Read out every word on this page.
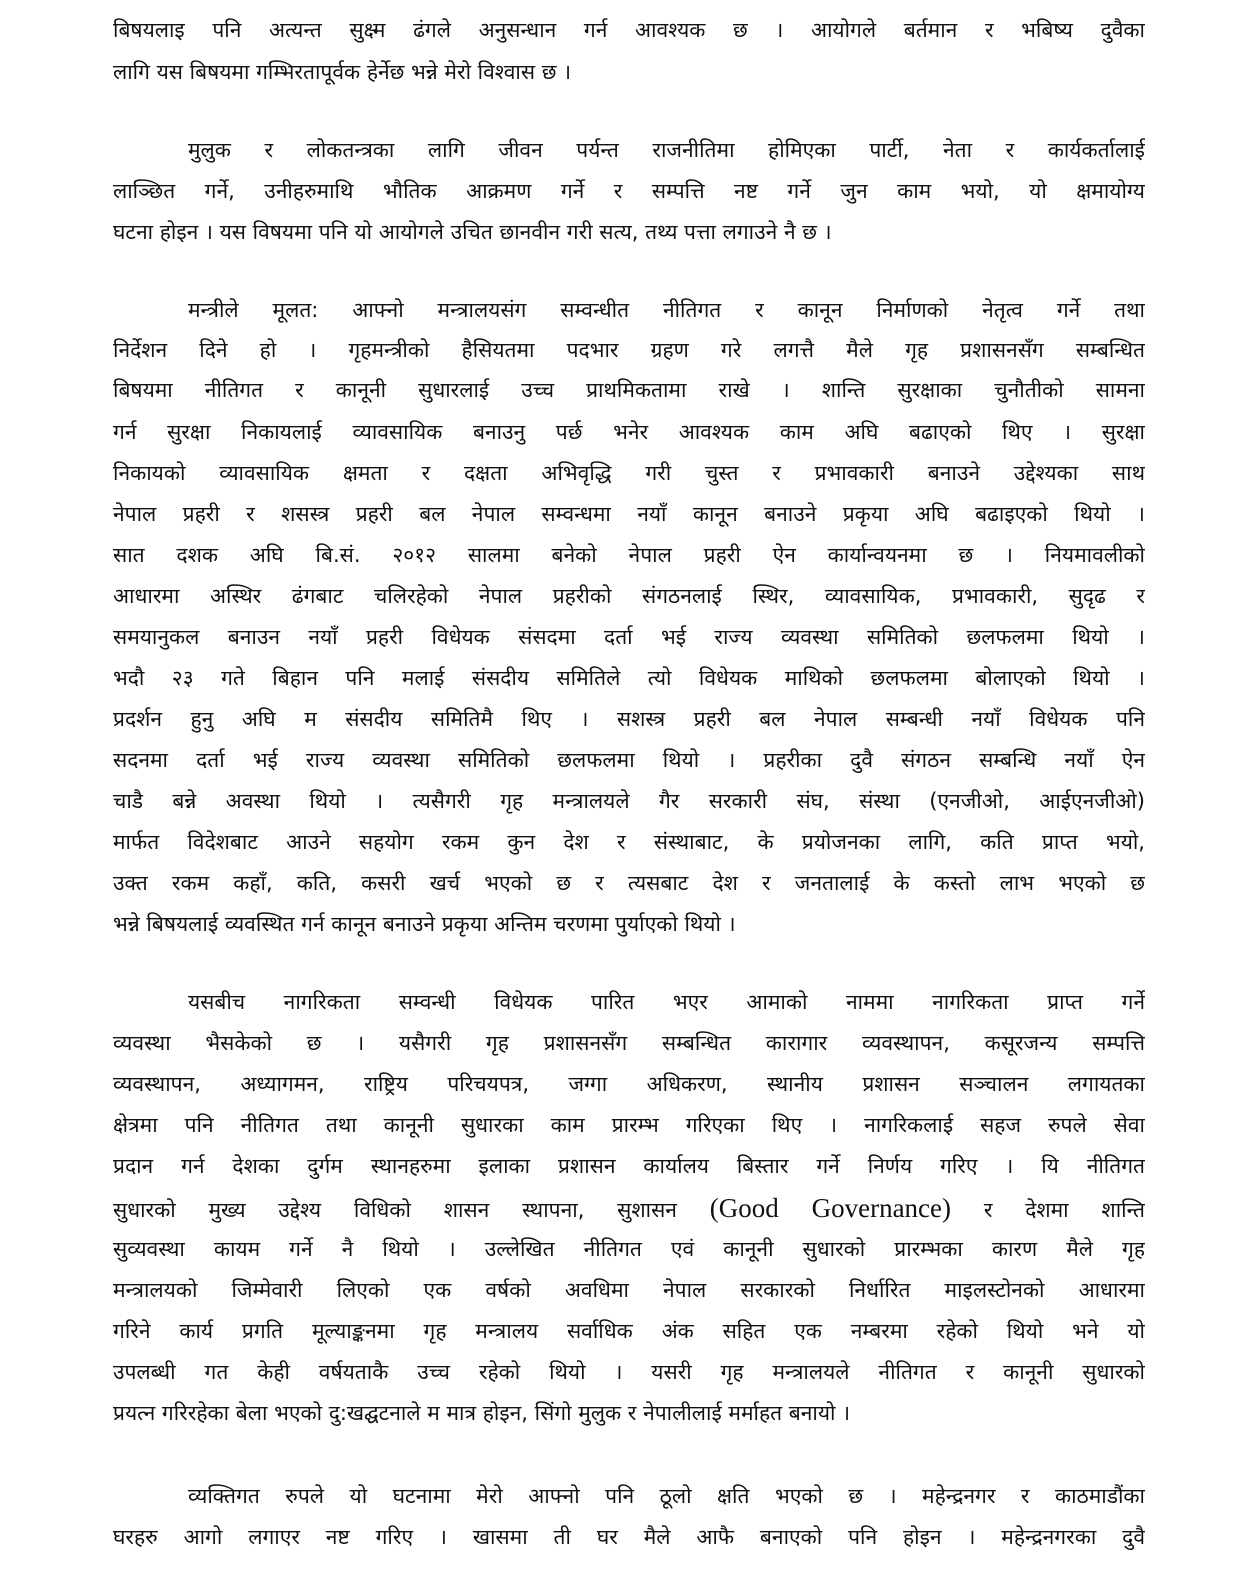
बिषयलाइ पनि अत्यन्त सुक्ष्म ढंगले अनुसन्धान गर्न आवश्यक छ । आयोगले बर्तमान र भबिष्य दुवैका
लागि यस बिषयमा गम्भिरतापूर्वक हेर्नेछ भन्ने मेरो विश्वास छ ।
मुलुक र लोकतन्त्रका लागि जीवन पर्यन्त राजनीतिमा होमिएका पार्टी, नेता र कार्यकर्तालाई
लाञ्छित गर्ने, उनीहरुमाथि भौतिक आक्रमण गर्ने र सम्पत्ति नष्ट गर्ने जुन काम भयो, यो क्षमायोग्य
घटना होइन । यस विषयमा पनि यो आयोगले उचित छानवीन गरी सत्य, तथ्य पत्ता लगाउने नै छ ।
मन्त्रीले मूलत: आफ्नो मन्त्रालयसंग सम्वन्धीत नीतिगत र कानून निर्माणको नेतृत्व गर्ने तथा
निर्देशन दिने हो । गृहमन्त्रीको हैसियतमा पदभार ग्रहण गरे लगत्तै मैले गृह प्रशासनसँग सम्बन्धित
बिषयमा नीतिगत र कानूनी सुधारलाई उच्च प्राथमिकतामा राखे । शान्ति सुरक्षाका चुनौतीको सामना
गर्न सुरक्षा निकायलाई व्यावसायिक बनाउनु पर्छ भनेर आवश्यक काम अघि बढाएको थिए । सुरक्षा
निकायको व्यावसायिक क्षमता र दक्षता अभिवृद्धि गरी चुस्त र प्रभावकारी बनाउने उद्देश्यका साथ
नेपाल प्रहरी र शसस्त्र प्रहरी बल नेपाल सम्वन्धमा नयाँ कानून बनाउने प्रकृया अघि बढाइएको थियो ।
सात दशक अघि बि.सं. २०१२ सालमा बनेको नेपाल प्रहरी ऐन कार्यान्वयनमा छ । नियमावलीको
आधारमा अस्थिर ढंगबाट चलिरहेको नेपाल प्रहरीको संगठनलाई स्थिर, व्यावसायिक, प्रभावकारी, सुदृढ र
समयानुकल बनाउन नयाँ प्रहरी विधेयक संसदमा दर्ता भई राज्य व्यवस्था समितिको छलफलमा थियो ।
भदौ २३ गते बिहान पनि मलाई संसदीय समितिले त्यो विधेयक माथिको छलफलमा बोलाएको थियो ।
प्रदर्शन हुनु अघि म संसदीय समितिमै थिए । सशस्त्र प्रहरी बल नेपाल सम्बन्धी नयाँ विधेयक पनि
सदनमा दर्ता भई राज्य व्यवस्था समितिको छलफलमा थियो । प्रहरीका दुवै संगठन सम्बन्धि नयाँ ऐन
चाडै बन्ने अवस्था थियो । त्यसैगरी गृह मन्त्रालयले गैर सरकारी संघ, संस्था (एनजीओ, आईएनजीओ)
मार्फत विदेशबाट आउने सहयोग रकम कुन देश र संस्थाबाट, के प्रयोजनका लागि, कति प्राप्त भयो,
उक्त रकम कहाँ, कति, कसरी खर्च भएको छ र त्यसबाट देश र जनतालाई के कस्तो लाभ भएको छ
भन्ने बिषयलाई व्यवस्थित गर्न कानून बनाउने प्रकृया अन्तिम चरणमा पुर्याएको थियो ।
यसबीच नागरिकता सम्वन्धी विधेयक पारित भएर आमाको नाममा नागरिकता प्राप्त गर्ने
व्यवस्था भैसकेको छ । यसैगरी गृह प्रशासनसँग सम्बन्धित कारागार व्यवस्थापन, कसूरजन्य सम्पत्ति
व्यवस्थापन, अध्यागमन, राष्ट्रिय परिचयपत्र, जग्गा अधिकरण, स्थानीय प्रशासन सञ्चालन लगायतका
क्षेत्रमा पनि नीतिगत तथा कानूनी सुधारका काम प्रारम्भ गरिएका थिए । नागरिकलाई सहज रुपले सेवा
प्रदान गर्न देशका दुर्गम स्थानहरुमा इलाका प्रशासन कार्यालय बिस्तार गर्ने निर्णय गरिए । यि नीतिगत
सुधारको मुख्य उद्देश्य विधिको शासन स्थापना, सुशासन (Good Governance) र देशमा शान्ति
सुव्यवस्था कायम गर्ने नै थियो । उल्लेखित नीतिगत एवं कानूनी सुधारको प्रारम्भका कारण मैले गृह
मन्त्रालयको जिम्मेवारी लिएको एक वर्षको अवधिमा नेपाल सरकारको निर्धारित माइलस्टोनको आधारमा
गरिने कार्य प्रगति मूल्याङ्कनमा गृह मन्त्रालय सर्वाधिक अंक सहित एक नम्बरमा रहेको थियो भने यो
उपलब्धी गत केही वर्षयताकै उच्च रहेको थियो । यसरी गृह मन्त्रालयले नीतिगत र कानूनी सुधारको
प्रयत्न गरिरहेका बेला भएको दु:खद्घटनाले म मात्र होइन, सिंगो मुलुक र नेपालीलाई मर्माहत बनायो ।
व्यक्तिगत रुपले यो घटनामा मेरो आफ्नो पनि ठूलो क्षति भएको छ । महेन्द्रनगर र काठमाडौंका
घरहरु आगो लगाएर नष्ट गरिए । खासमा ती घर मैले आफै बनाएको पनि होइन । महेन्द्रनगरका दुवै
